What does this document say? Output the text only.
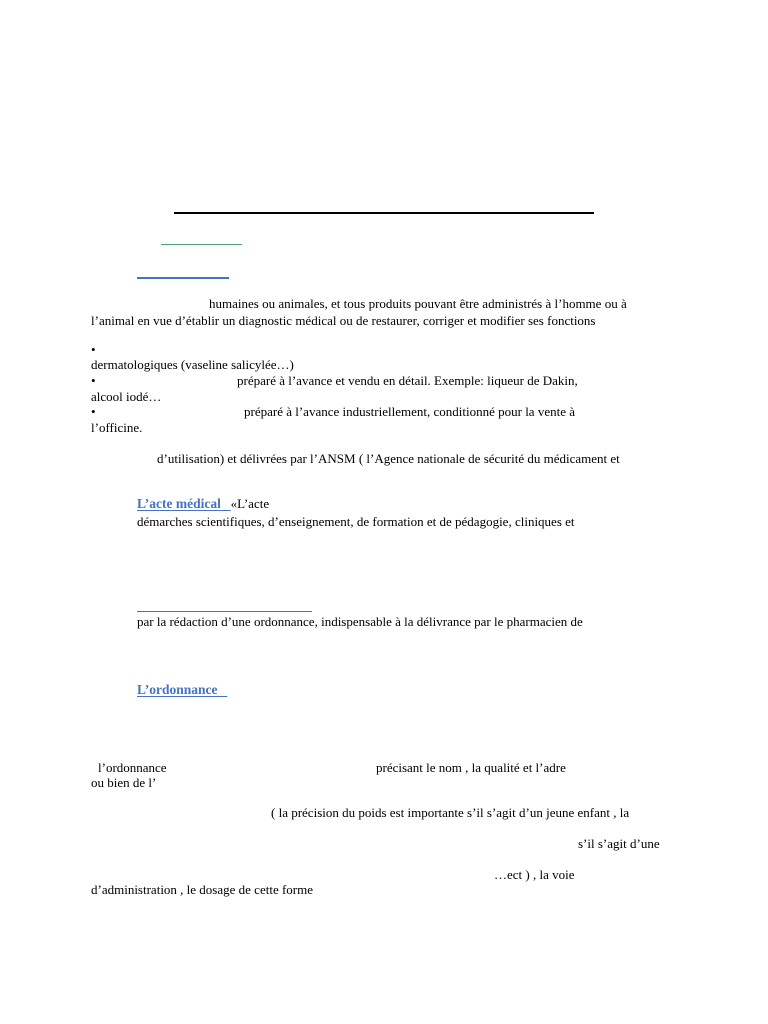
humaines ou animales, et tous produits pouvant être administrés à l’homme ou à
l’animal en vue d’établir un diagnostic médical ou de restaurer, corriger et modifier ses fonctions
•
dermatologiques (vaseline salicylée…)
•	préparé à l’avance et vendu en détail. Exemple: liqueur de Dakin,
alcool iodé…
•	préparé à l’avance industriellement, conditionné pour la vente à
l’officine.
d’utilisation) et délivrées par l’ANSM ( l’Agence nationale de sécurité du médicament et
L’acte médical «L’acte
démarches scientifiques, d’enseignement, de formation et de pédagogie, cliniques et
par la rédaction d’une ordonnance, indispensable à la délivrance par le pharmacien de
L’ordonnance
l’ordonnance	précisant le nom , la qualité et l’adre
ou bien de l’
( la précision du poids est importante s’il s’agit d’un jeune enfant , la
s’il s’agit d’une
…ect ) , la voie
d’administration , le dosage de cette forme
